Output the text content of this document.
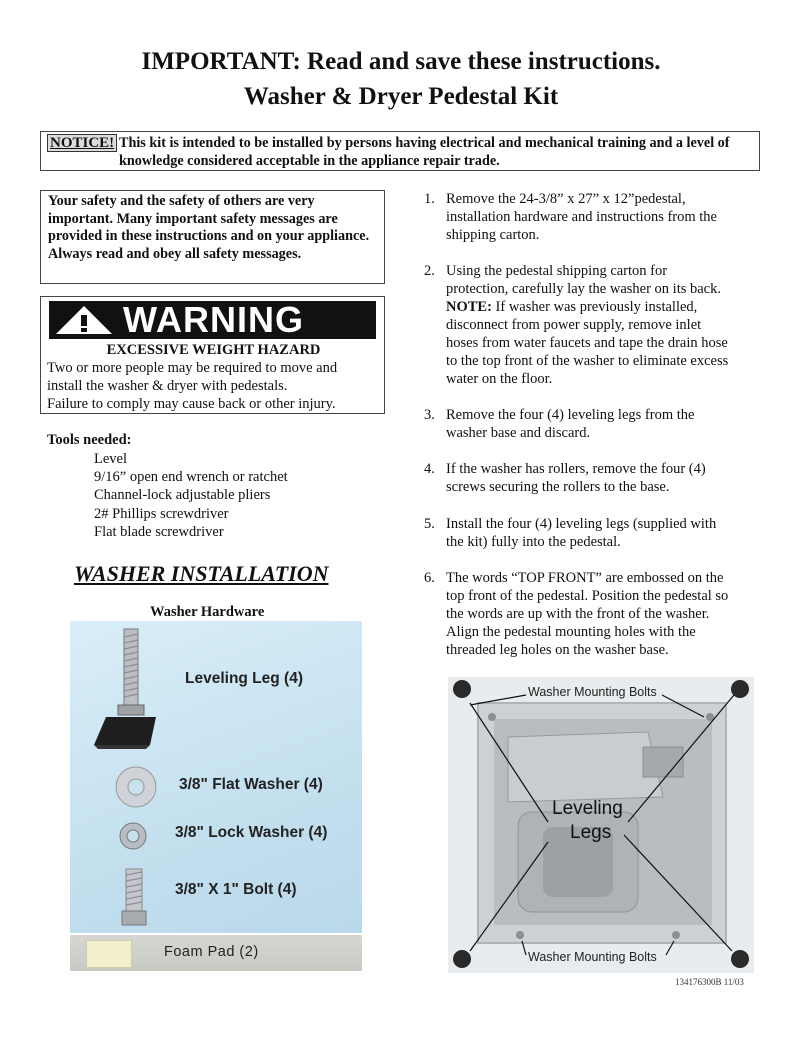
IMPORTANT: Read and save these instructions.
Washer & Dryer Pedestal Kit
NOTICE! This kit is intended to be installed by persons having electrical and mechanical training and a level of knowledge considered acceptable in the appliance repair trade.
Your safety and the safety of others are very important. Many important safety messages are provided in these instructions and on your appliance. Always read and obey all safety messages.
WARNING
EXCESSIVE WEIGHT HAZARD
Two or more people may be required to move and
install the washer & dryer with pedestals.
Failure to comply may cause back or other injury.
Tools needed:
Level
9/16” open end wrench or ratchet
Channel-lock adjustable pliers
2# Phillips screwdriver
Flat blade screwdriver
WASHER INSTALLATION
Washer Hardware
Leveling Leg (4)
3/8" Flat Washer (4)
3/8" Lock Washer (4)
3/8" X 1" Bolt (4)
Foam Pad (2)
1. Remove the 24-3/8” x 27” x 12”pedestal,
installation hardware and instructions from the
shipping carton.
2. Using the pedestal shipping carton for
protection, carefully lay the washer on its back.
NOTE: If washer was previously installed,
disconnect from power supply, remove inlet
hoses from water faucets and tape the drain hose
to the top front of the washer to eliminate excess
water on the floor.
3. Remove the four (4) leveling legs from the
washer base and discard.
4. If the washer has rollers, remove the four (4)
screws securing the rollers to the base.
5. Install the four (4) leveling legs (supplied with
the kit) fully into the pedestal.
6. The words “TOP FRONT” are embossed on the
top front of the pedestal. Position the pedestal so
the words are up with the front of the washer.
Align the pedestal mounting holes with the
threaded leg holes on the washer base.
Washer Mounting Bolts
Leveling
Legs
Washer Mounting Bolts
134176300B 11/03
